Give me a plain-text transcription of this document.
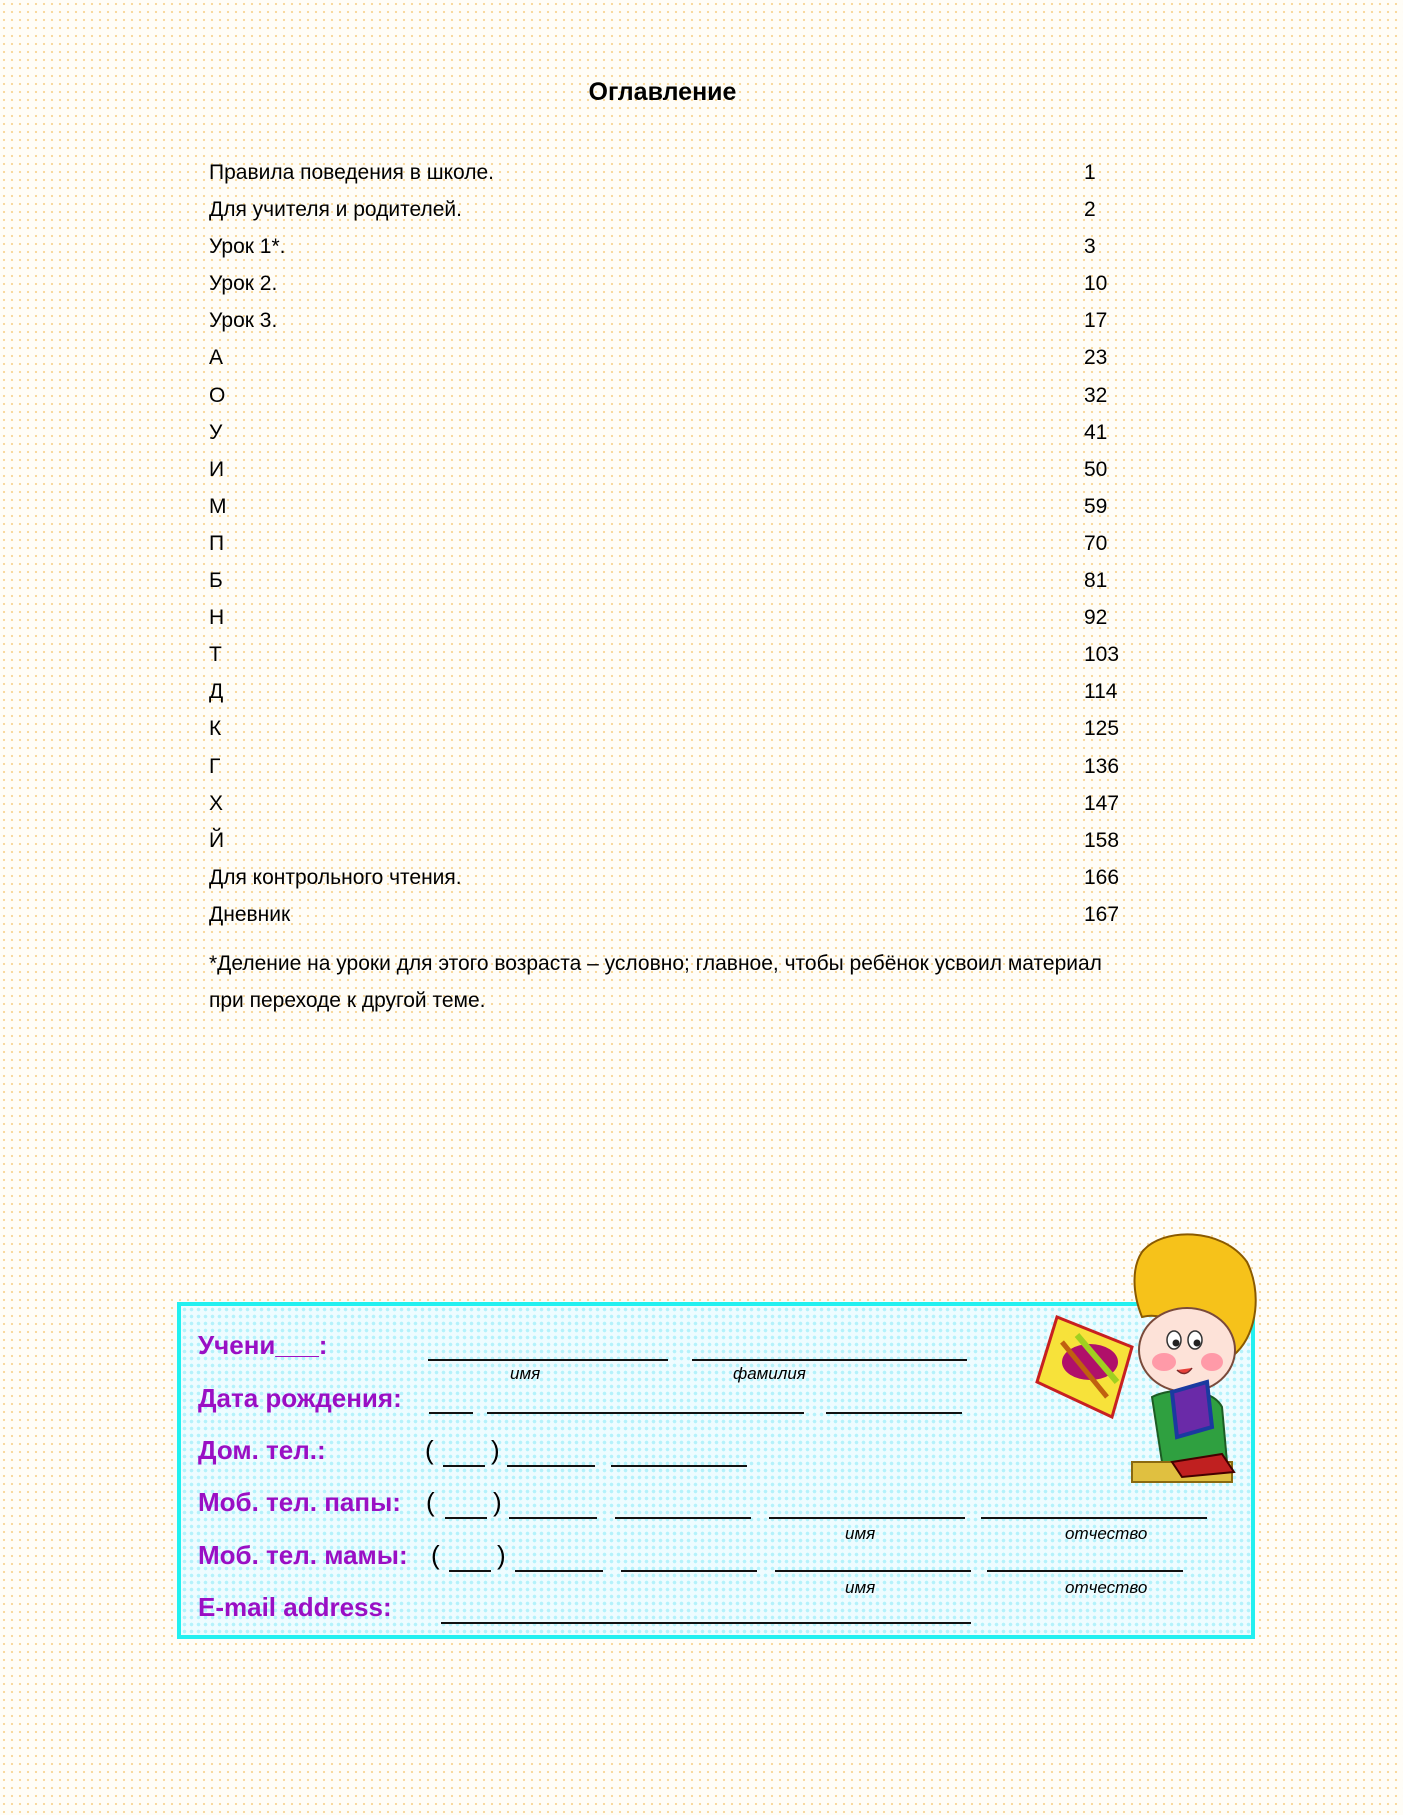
Оглавление
Правила поведения в школе.	1
Для учителя и родителей.	2
Урок 1*.	3
Урок 2.	10
Урок 3.	17
А	23
О	32
У	41
И	50
М	59
П	70
Б	81
Н	92
Т	103
Д	114
К	125
Г	136
Х	147
Й	158
Для контрольного чтения.	166
Дневник	167
*Деление на уроки для этого возраста – условно; главное, чтобы ребёнок усвоил материал
при переходе к другой теме.
Учени___:
имя	фамилия
Дата рождения:
Дом. тел.:	( )
Моб. тел. папы: ( )
имя	отчество
Моб. тел. мамы: ( )
имя	отчество
E-mail address:
